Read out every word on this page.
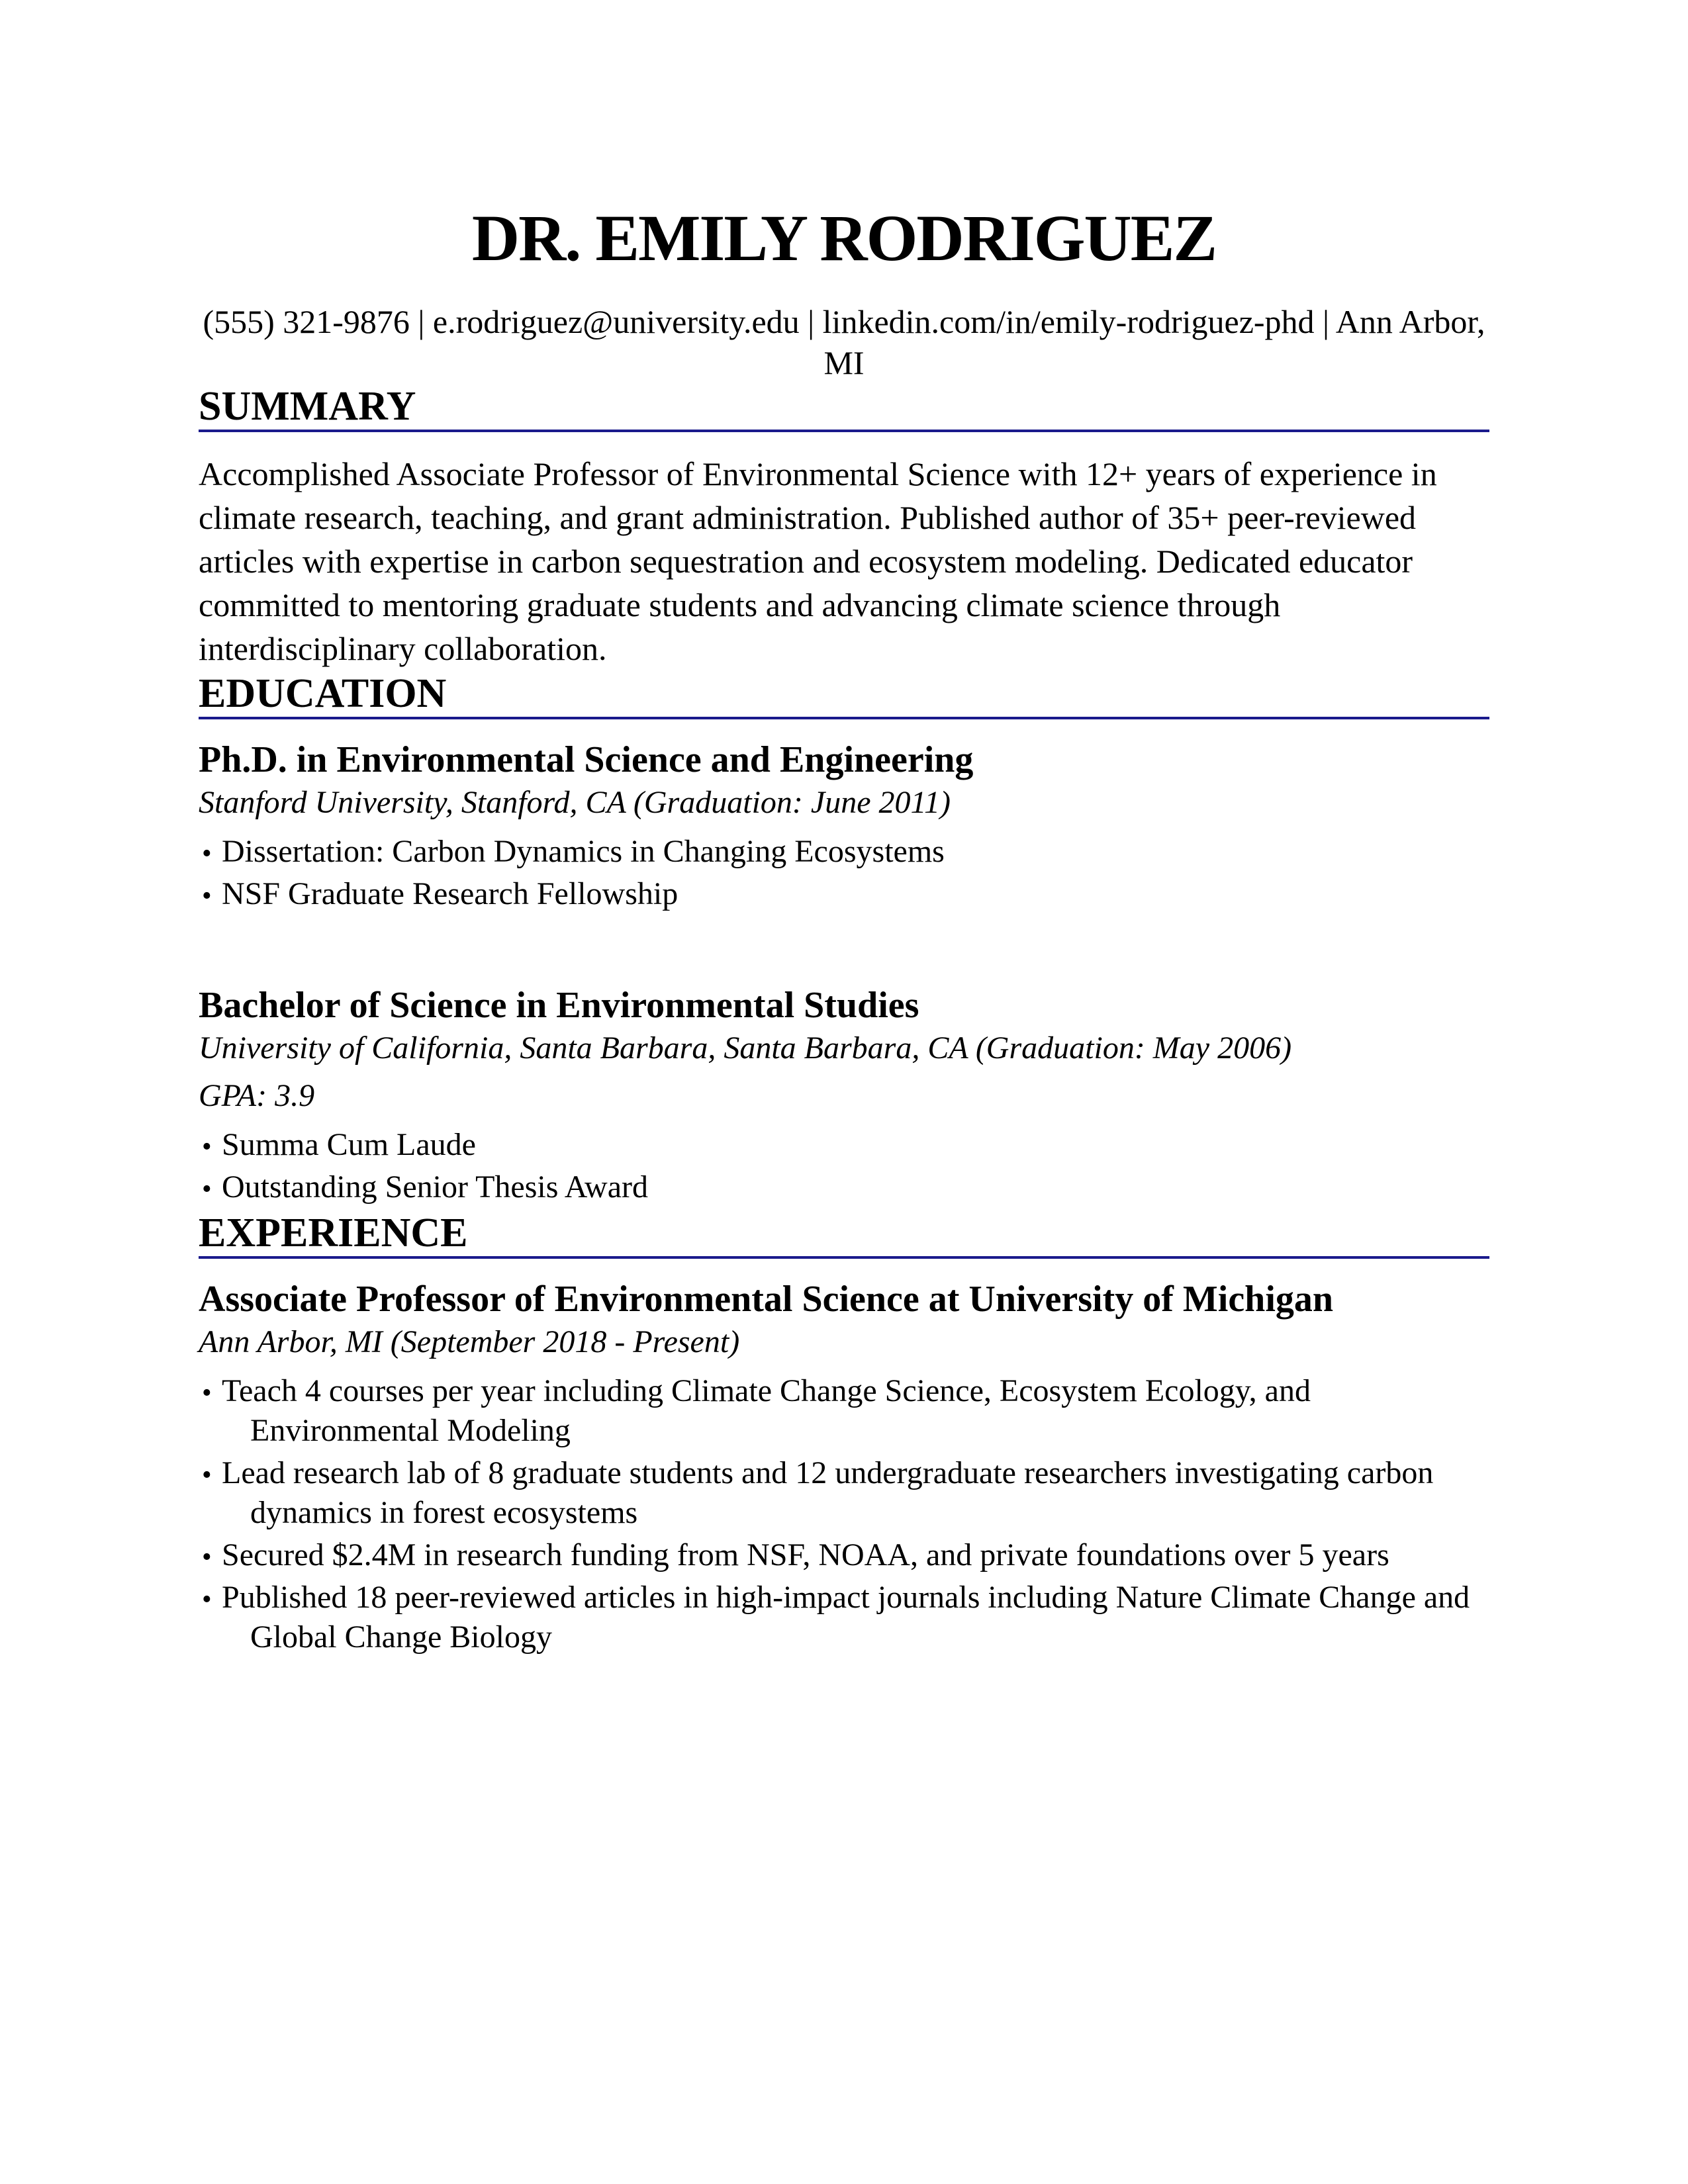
DR. EMILY RODRIGUEZ
(555) 321-9876 | e.rodriguez@university.edu | linkedin.com/in/emily-rodriguez-phd | Ann Arbor,
MI
SUMMARY

Accomplished Associate Professor of Environmental Science with 12+ years of experience in climate research, teaching, and grant administration. Published author of 35+ peer-reviewed articles with expertise in carbon sequestration and ecosystem modeling. Dedicated educator committed to mentoring graduate students and advancing climate science through interdisciplinary collaboration.

EDUCATION
Ph.D. in Environmental Science and Engineering

Stanford University, Stanford, CA (Graduation: June 2011)

• Dissertation: Carbon Dynamics in Changing Ecosystems
• NSF Graduate Research Fellowship
Bachelor of Science in Environmental Studies

University of California, Santa Barbara, Santa Barbara, CA (Graduation: May 2006)

GPA: 3.9

• Summa Cum Laude
• Outstanding Senior Thesis Award
EXPERIENCE
Associate Professor of Environmental Science at University of Michigan

Ann Arbor, MI (September 2018 - Present)

• Teach 4 courses per year including Climate Change Science, Ecosystem Ecology, and Environmental Modeling
• Lead research lab of 8 graduate students and 12 undergraduate researchers investigating carbon dynamics in forest ecosystems
• Secured $2.4M in research funding from NSF, NOAA, and private foundations over 5 years
• Published 18 peer-reviewed articles in high-impact journals including Nature Climate Change and Global Change Biology
